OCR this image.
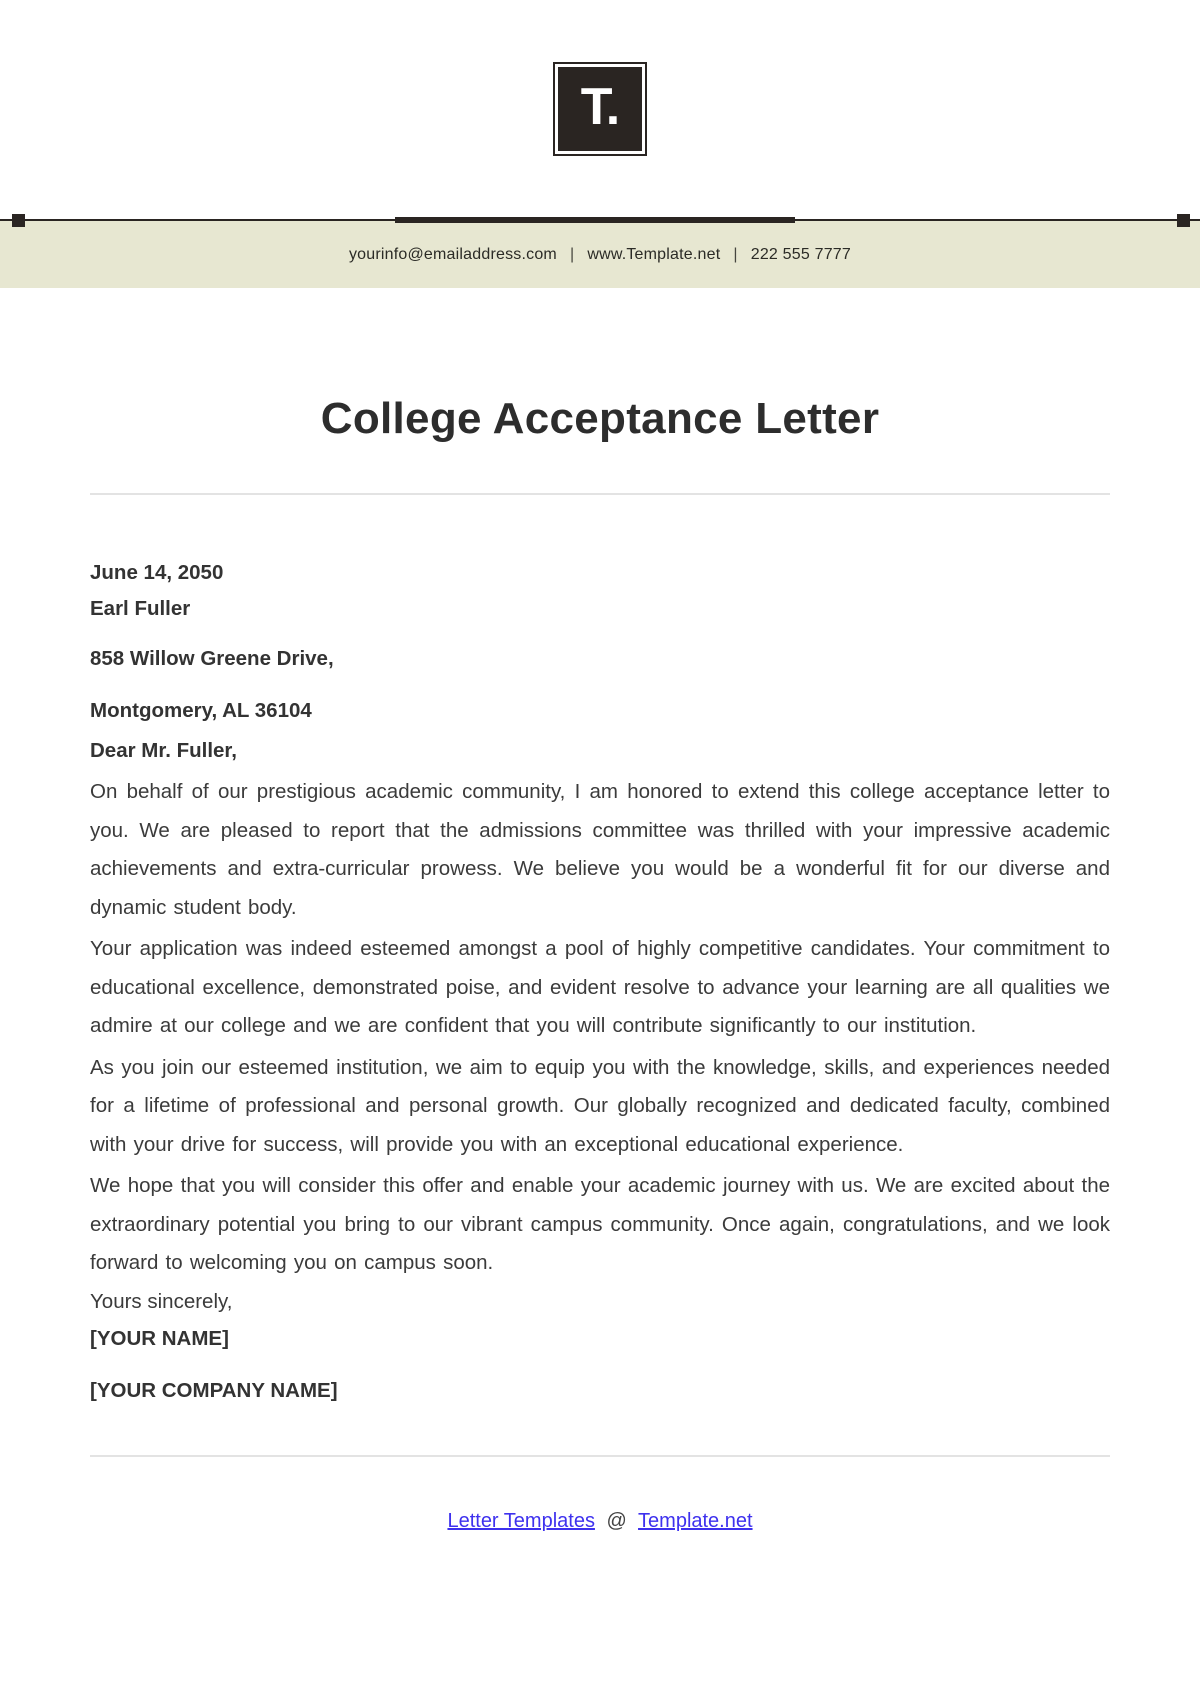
T.
yourinfo@emailaddress.com | www.Template.net | 222 555 7777
College Acceptance Letter

June 14, 2050

Earl Fuller

858 Willow Greene Drive,

Montgomery, AL 36104

Dear Mr. Fuller,

On behalf of our prestigious academic community, I am honored to extend this college acceptance letter to you. We are pleased to report that the admissions committee was thrilled with your impressive academic achievements and extra-curricular prowess. We believe you would be a wonderful fit for our diverse and dynamic student body.

Your application was indeed esteemed amongst a pool of highly competitive candidates. Your commitment to educational excellence, demonstrated poise, and evident resolve to advance your learning are all qualities we admire at our college and we are confident that you will contribute significantly to our institution.

As you join our esteemed institution, we aim to equip you with the knowledge, skills, and experiences needed for a lifetime of professional and personal growth. Our globally recognized and dedicated faculty, combined with your drive for success, will provide you with an exceptional educational experience.

We hope that you will consider this offer and enable your academic journey with us. We are excited about the extraordinary potential you bring to our vibrant campus community. Once again, congratulations, and we look forward to welcoming you on campus soon.

Yours sincerely,

[YOUR NAME]

[YOUR COMPANY NAME]

Letter Templates @ Template.net
